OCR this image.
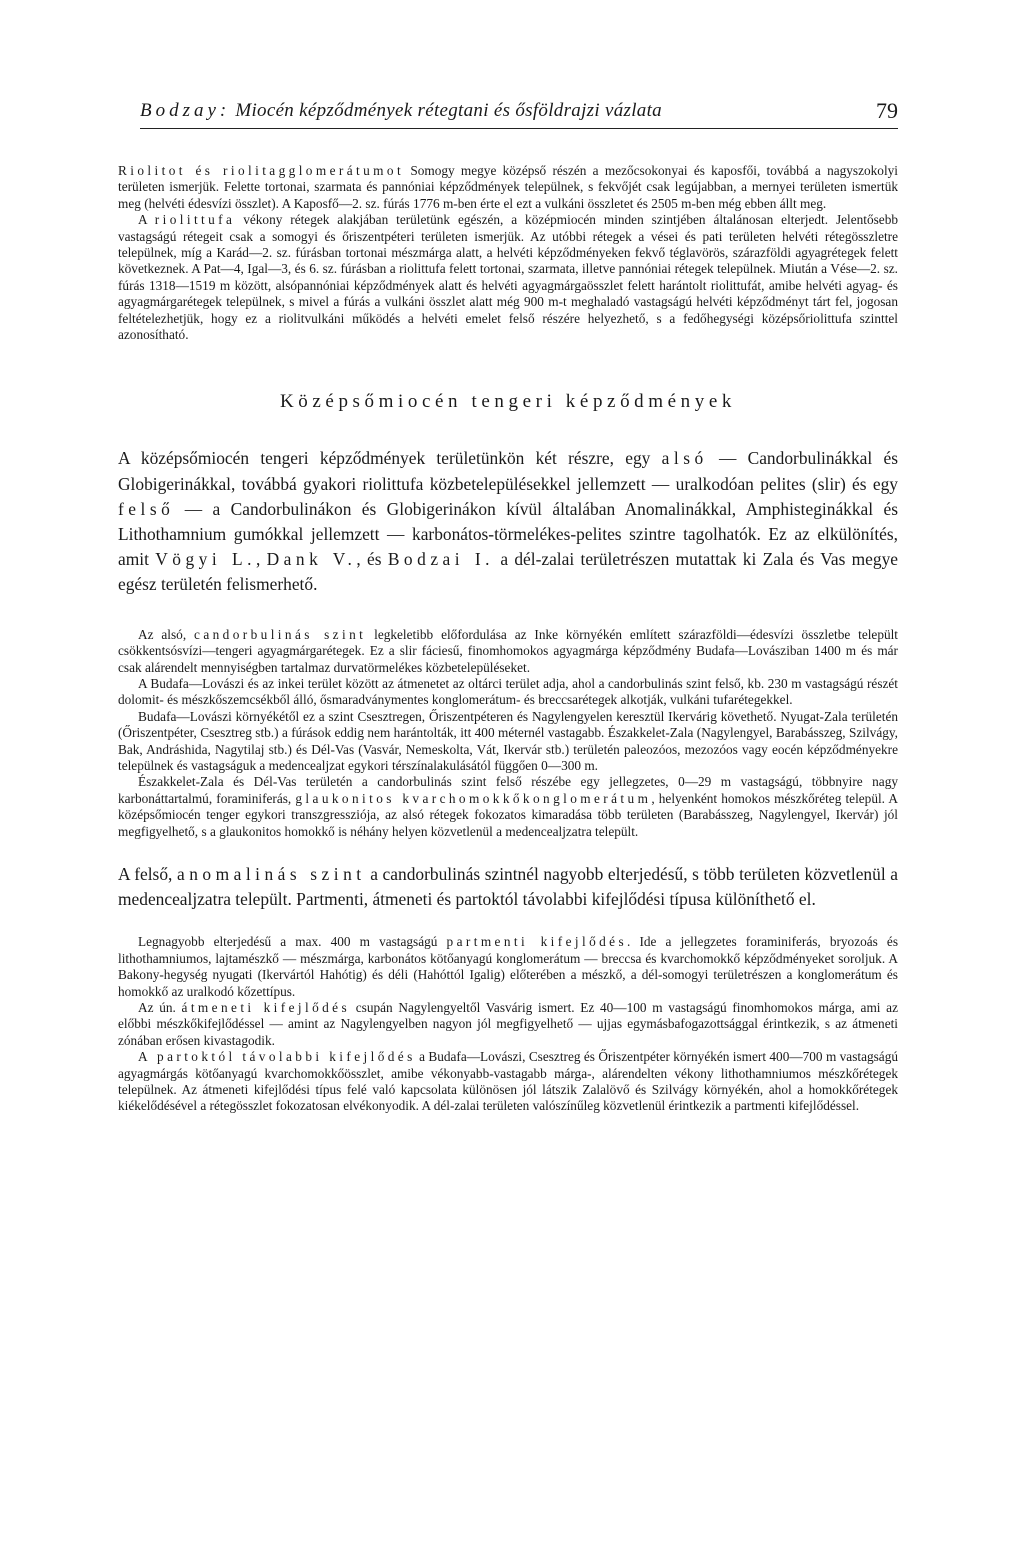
Bodzay: Miocén képződmények rétegtani és ősföldrajzi vázlata	79

Riolitot és riolitagglomerátumot Somogy megye középső részén a mezőcsokonyai és kaposfői, továbbá a nagyszokolyi területen ismerjük. Felette tortonai, szarmata és pannóniai képződmények települnek, s fekvőjét csak legújabban, a mernyei területen ismertük meg (helvéti édesvízi összlet). A Kaposfő—2. sz. fúrás 1776 m-ben érte el ezt a vulkáni összletet és 2505 m-ben még ebben állt meg.

A riolittufa vékony rétegek alakjában területünk egészén, a középmiocén minden szintjében általánosan elterjedt. Jelentősebb vastagságú rétegeit csak a somogyi és őriszentpéteri területen ismerjük. Az utóbbi rétegek a vései és pati területen helvéti rétegösszletre települnek, míg a Karád—2. sz. fúrásban tortonai mészmárga alatt, a helvéti képződményeken fekvő téglavörös, szárazföldi agyagrétegek felett következnek. A Pat—4, Igal—3, és 6. sz. fúrásban a riolittufa felett tortonai, szarmata, illetve pannóniai rétegek települnek. Miután a Vése—2. sz. fúrás 1318—1519 m között, alsópannóniai képződmények alatt és helvéti agyagmárgaösszlet felett harántolt riolittufát, amibe helvéti agyag- és agyagmárgarétegek települnek, s mivel a fúrás a vulkáni összlet alatt még 900 m-t meghaladó vastagságú helvéti képződményt tárt fel, jogosan feltételezhetjük, hogy ez a riolitvulkáni működés a helvéti emelet felső részére helyezhető, s a fedőhegységi középsőriolittufa szinttel azonosítható.

Középsőmiocén tengeri képződmények

A középsőmiocén tengeri képződmények területünkön két részre, egy alsó — Candorbulinákkal és Globigerinákkal, továbbá gyakori riolittufa közbetelepülésekkel jellemzett — uralkodóan pelites (slir) és egy felső — a Candorbulinákon és Globigerinákon kívül általában Anomalinákkal, Amphisteginákkal és Lithothamnium gumókkal jellemzett — karbonátos-törmelékes-pelites szintre tagolhatók. Ez az elkülönítés, amit Vögyi L., Dank V., és Bodzai I. a dél-zalai területrészen mutattak ki Zala és Vas megye egész területén felismerhető.

Az alsó, candorbulinás szint legkeletibb előfordulása az Inke környékén említett szárazföldi—édesvízi összletbe települt csökkentsósvízi—tengeri agyagmárgarétegek. Ez a slir fáciesű, finomhomokos agyagmárga képződmény Budafa—Lovásziban 1400 m és már csak alárendelt mennyiségben tartalmaz durvatörmelékes közbetelepüléseket.

A Budafa—Lovászi és az inkei terület között az átmenetet az oltárci terület adja, ahol a candorbulinás szint felső, kb. 230 m vastagságú részét dolomit- és mészkőszemcsékből álló, ősmaradványmentes konglomerátum- és breccsarétegek alkotják, vulkáni tufarétegekkel.

Budafa—Lovászi környékétől ez a szint Csesztregen, Őriszentpéteren és Nagylengyelen keresztül Ikervárig követhető. Nyugat-Zala területén (Őriszentpéter, Csesztreg stb.) a fúrások eddig nem harántolták, itt 400 méternél vastagabb. Északkelet-Zala (Nagylengyel, Barabásszeg, Szilvágy, Bak, Andráshida, Nagytilaj stb.) és Dél-Vas (Vasvár, Nemeskolta, Vát, Ikervár stb.) területén paleozóos, mezozóos vagy eocén képződményekre települnek és vastagságuk a medencealjzat egykori térszínalakulásától függően 0—300 m.

Északkelet-Zala és Dél-Vas területén a candorbulinás szint felső részébe egy jellegzetes, 0—29 m vastagságú, többnyire nagy karbonáttartalmú, foraminiferás, glaukonitos kvarchomokkőkonglomerátum, helyenként homokos mészkőréteg települ. A középsőmiocén tenger egykori transzgressziója, az alsó rétegek fokozatos kimaradása több területen (Barabásszeg, Nagylengyel, Ikervár) jól megfigyelhető, s a glaukonitos homokkő is néhány helyen közvetlenül a medencealjzatra települt.

A felső, anomalinás szint a candorbulinás szintnél nagyobb elterjedésű, s több területen közvetlenül a medencealjzatra települt. Partmenti, átmeneti és partoktól távolabbi kifejlődési típusa különíthető el.

Legnagyobb elterjedésű a max. 400 m vastagságú partmenti kifejlődés. Ide a jellegzetes foraminiferás, bryozoás és lithothamniumos, lajtamészkő — mészmárga, karbonátos kötőanyagú konglomerátum — breccsa és kvarchomokkő képződményeket soroljuk. A Bakony-hegység nyugati (Ikervártól Hahótig) és déli (Hahóttól Igalig) előterében a mészkő, a dél-somogyi területrészen a konglomerátum és homokkő az uralkodó kőzettípus.

Az ún. átmeneti kifejlődés csupán Nagylengyeltől Vasvárig ismert. Ez 40—100 m vastagságú finomhomokos márga, ami az előbbi mészkőkifejlődéssel — amint az Nagylengyelben nagyon jól megfigyelhető — ujjas egymásbafogazottsággal érintkezik, s az átmeneti zónában erősen kivastagodik.

A partoktól távolabbi kifejlődés a Budafa—Lovászi, Csesztreg és Őriszentpéter környékén ismert 400—700 m vastagságú agyagmárgás kötőanyagú kvarchomokkőösszlet, amibe vékonyabb-vastagabb márga-, alárendelten vékony lithothamniumos mészkőrétegek települnek. Az átmeneti kifejlődési típus felé való kapcsolata különösen jól látszik Zalalövő és Szilvágy környékén, ahol a homokkőrétegek kiékelődésével a rétegösszlet fokozatosan elvékonyodik. A dél-zalai területen valószínűleg közvetlenül érintkezik a partmenti kifejlődéssel.
